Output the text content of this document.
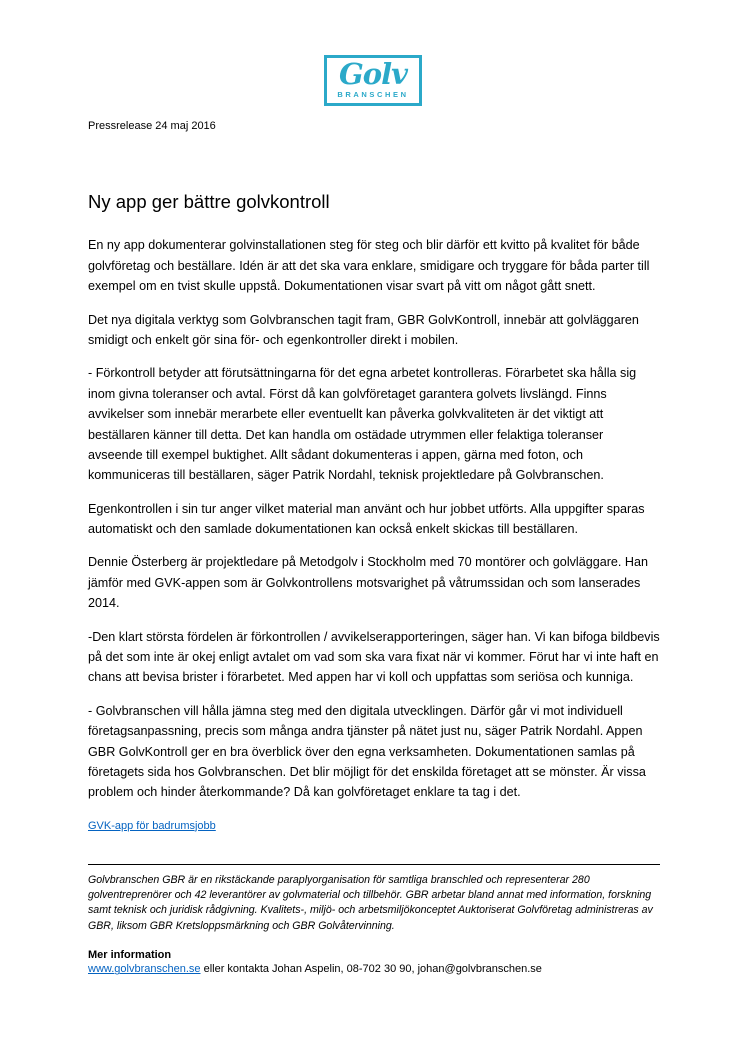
Golv
BRANSCHEN
Pressrelease 24 maj 2016
Ny app ger bättre golvkontroll

En ny app dokumenterar golvinstallationen steg för steg och blir därför ett kvitto på kvalitet för både golvföretag och beställare. Idén är att det ska vara enklare, smidigare och tryggare för båda parter till exempel om en tvist skulle uppstå. Dokumentationen visar svart på vitt om något gått snett.

Det nya digitala verktyg som Golvbranschen tagit fram, GBR GolvKontroll, innebär att golvläggaren smidigt och enkelt gör sina för- och egenkontroller direkt i mobilen.

- Förkontroll betyder att förutsättningarna för det egna arbetet kontrolleras. Förarbetet ska hålla sig inom givna toleranser och avtal. Först då kan golvföretaget garantera golvets livslängd. Finns avvikelser som innebär merarbete eller eventuellt kan påverka golvkvaliteten är det viktigt att beställaren känner till detta. Det kan handla om ostädade utrymmen eller felaktiga toleranser avseende till exempel buktighet. Allt sådant dokumenteras i appen, gärna med foton, och kommuniceras till beställaren, säger Patrik Nordahl, teknisk projektledare på Golvbranschen.

Egenkontrollen i sin tur anger vilket material man använt och hur jobbet utförts. Alla uppgifter sparas automatiskt och den samlade dokumentationen kan också enkelt skickas till beställaren.

Dennie Österberg är projektledare på Metodgolv i Stockholm med 70 montörer och golvläggare. Han jämför med GVK-appen som är Golvkontrollens motsvarighet på våtrumssidan och som lanserades 2014.

-Den klart största fördelen är förkontrollen / avvikelserapporteringen, säger han. Vi kan bifoga bildbevis på det som inte är okej enligt avtalet om vad som ska vara fixat när vi kommer. Förut har vi inte haft en chans att bevisa brister i förarbetet. Med appen har vi koll och uppfattas som seriösa och kunniga.

- Golvbranschen vill hålla jämna steg med den digitala utvecklingen. Därför går vi mot individuell företagsanpassning, precis som många andra tjänster på nätet just nu, säger Patrik Nordahl. Appen GBR GolvKontroll ger en bra överblick över den egna verksamheten. Dokumentationen samlas på företagets sida hos Golvbranschen. Det blir möjligt för det enskilda företaget att se mönster. Är vissa problem och hinder återkommande? Då kan golvföretaget enklare ta tag i det.

GVK-app för badrumsjobb
Golvbranschen GBR är en rikstäckande paraplyorganisation för samtliga branschled och representerar 280 golventreprenörer och 42 leverantörer av golvmaterial och tillbehör. GBR arbetar bland annat med information, forskning samt teknisk och juridisk rådgivning. Kvalitets-, miljö- och arbetsmiljökonceptet Auktoriserat Golvföretag administreras av GBR, liksom GBR Kretsloppsmärkning och GBR Golvåtervinning.
Mer information
www.golvbranschen.se eller kontakta Johan Aspelin, 08-702 30 90, johan@golvbranschen.se
